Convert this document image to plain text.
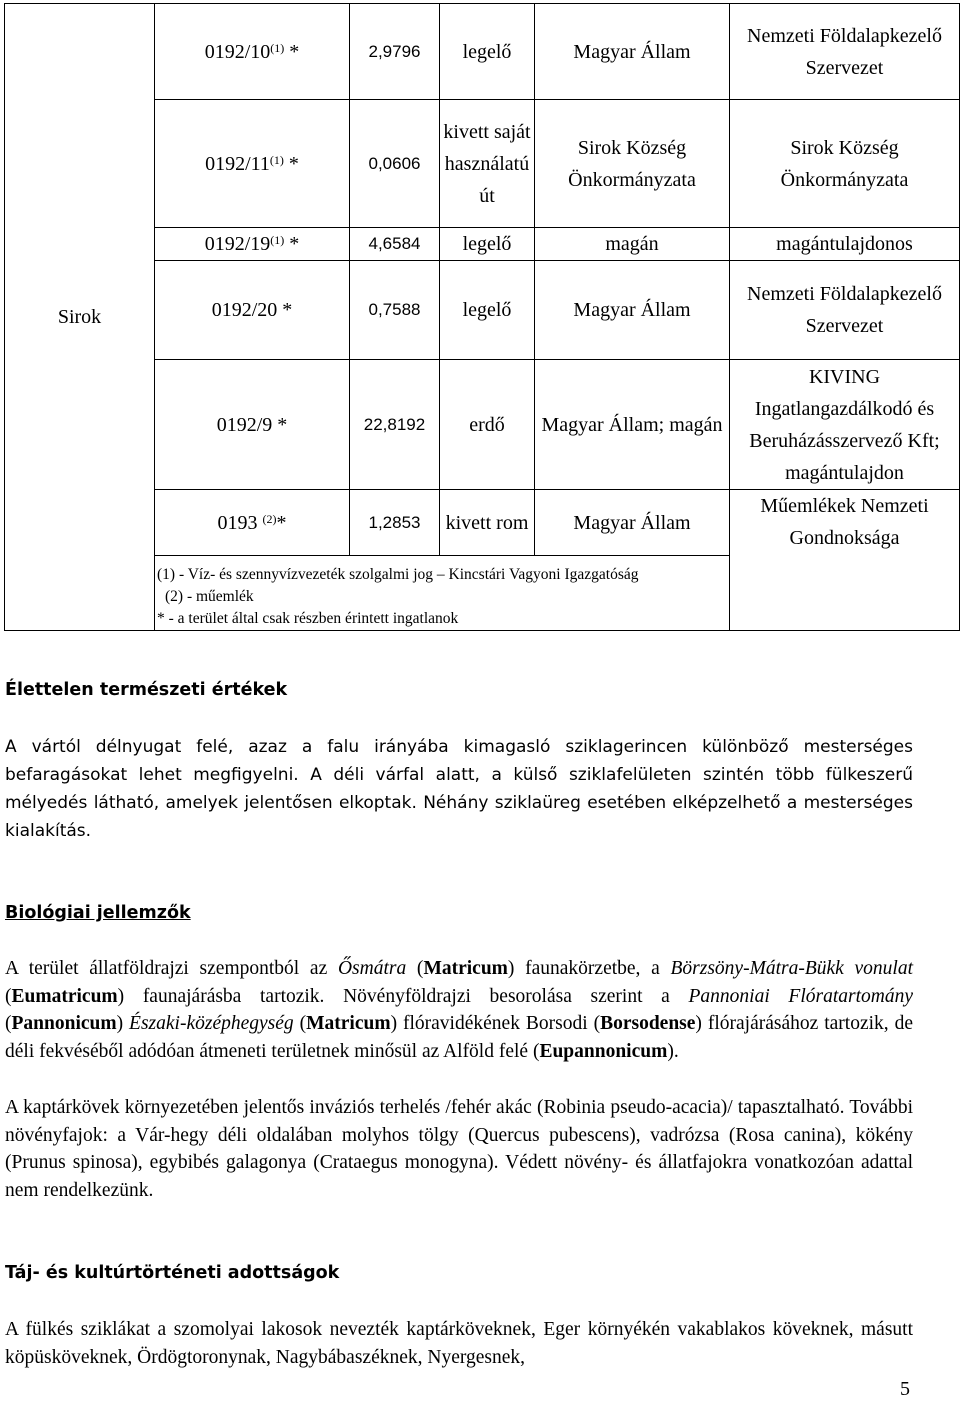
Sirok	0192/10$^{(1)}$ *	2,9796	legelő	Magyar Állam	Nemzeti Földalapkezelő Szervezet
	0192/11$^{(1)}$ *	0,0606	kivett saját használatú út	Sirok Község Önkormányzata	Sirok Község Önkormányzata
	0192/19$^{(1)}$ *	4,6584	legelő	magán	magántulajdonos
	0192/20 *	0,7588	legelő	Magyar Állam	Nemzeti Földalapkezelő Szervezet
	0192/9 *	22,8192	erdő	Magyar Állam; magán	KIVING Ingatlangazdálkodó és Beruházásszervező Kft; magántulajdon
	0193 $^{(2)}$*	1,2853	kivett rom	Magyar Állam	Műemlékek Nemzeti Gondnoksága

	(1) - Víz- és szennyvízvezeték szolgalmi jog – Kincstári Vagyoni Igazgatóság
(2) - műemlék
* - a terület által csak részben érintett ingatlanok				
Élettelen természeti értékek
A vártól délnyugat felé, azaz a falu irányába kimagasló sziklagerincen különböző mesterséges befaragásokat lehet megfigyelni. A déli várfal alatt, a külső sziklafelületen szintén több fülkeszerű mélyedés látható, amelyek jelentősen elkoptak. Néhány sziklaüreg esetében elképzelhető a mesterséges kialakítás.
Biológiai jellemzők
A terület állatföldrajzi szempontból az Ősmátra (Matricum) faunakörzetbe, a Börzsöny-Mátra-Bükk vonulat (Eumatricum) faunajárásba tartozik. Növényföldrajzi besorolása szerint a Pannoniai Flóratartomány (Pannonicum) Északi-középhegység (Matricum) flóravidékének Borsodi (Borsodense) flórajárásához tartozik, de déli fekvéséből adódóan átmeneti területnek minősül az Alföld felé (Eupannonicum).
A kaptárkövek környezetében jelentős inváziós terhelés /fehér akác (Robinia pseudo-acacia)/ tapasztalható. További növényfajok: a Vár-hegy déli oldalában molyhos tölgy (Quercus pubescens), vadrózsa (Rosa canina), kökény (Prunus spinosa), egybibés galagonya (Crataegus monogyna). Védett növény- és állatfajokra vonatkozóan adattal nem rendelkezünk.
Táj- és kultúrtörténeti adottságok
A fülkés sziklákat a szomolyai lakosok nevezték kaptárköveknek, Eger környékén vakablakos köveknek, másutt köpüsköveknek, Ördögtoronynak, Nagybábaszéknek, Nyergesnek,
5
